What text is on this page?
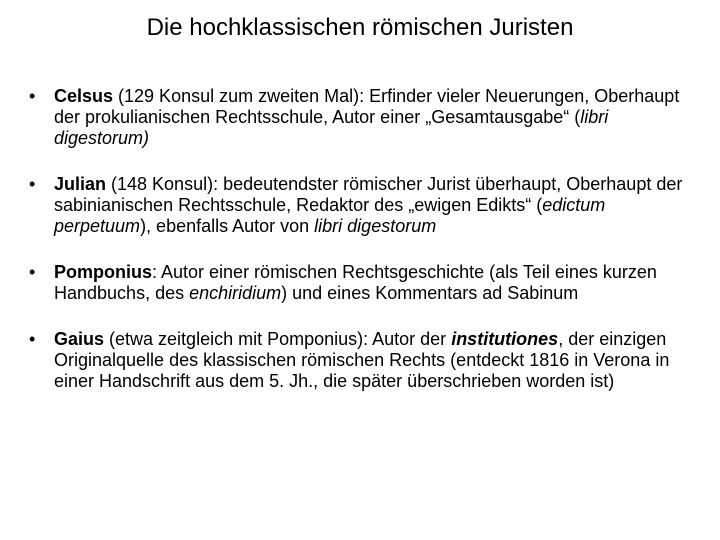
Die hochklassischen römischen Juristen
•	Celsus (129 Konsul zum zweiten Mal): Erfinder vieler Neuerungen, Oberhaupt der prokulianischen Rechtsschule, Autor einer „Gesamtausgabe“ (libri digestorum)
•	Julian (148 Konsul): bedeutendster römischer Jurist überhaupt, Oberhaupt der sabinianischen Rechtsschule, Redaktor des „ewigen Edikts“ (edictum perpetuum), ebenfalls Autor von libri digestorum
•	Pomponius: Autor einer römischen Rechtsgeschichte (als Teil eines kurzen Handbuchs, des enchiridium) und eines Kommentars ad Sabinum
•	Gaius (etwa zeitgleich mit Pomponius): Autor der institutiones, der einzigen Originalquelle des klassischen römischen Rechts (entdeckt 1816 in Verona in einer Handschrift aus dem 5. Jh., die später überschrieben worden ist)
